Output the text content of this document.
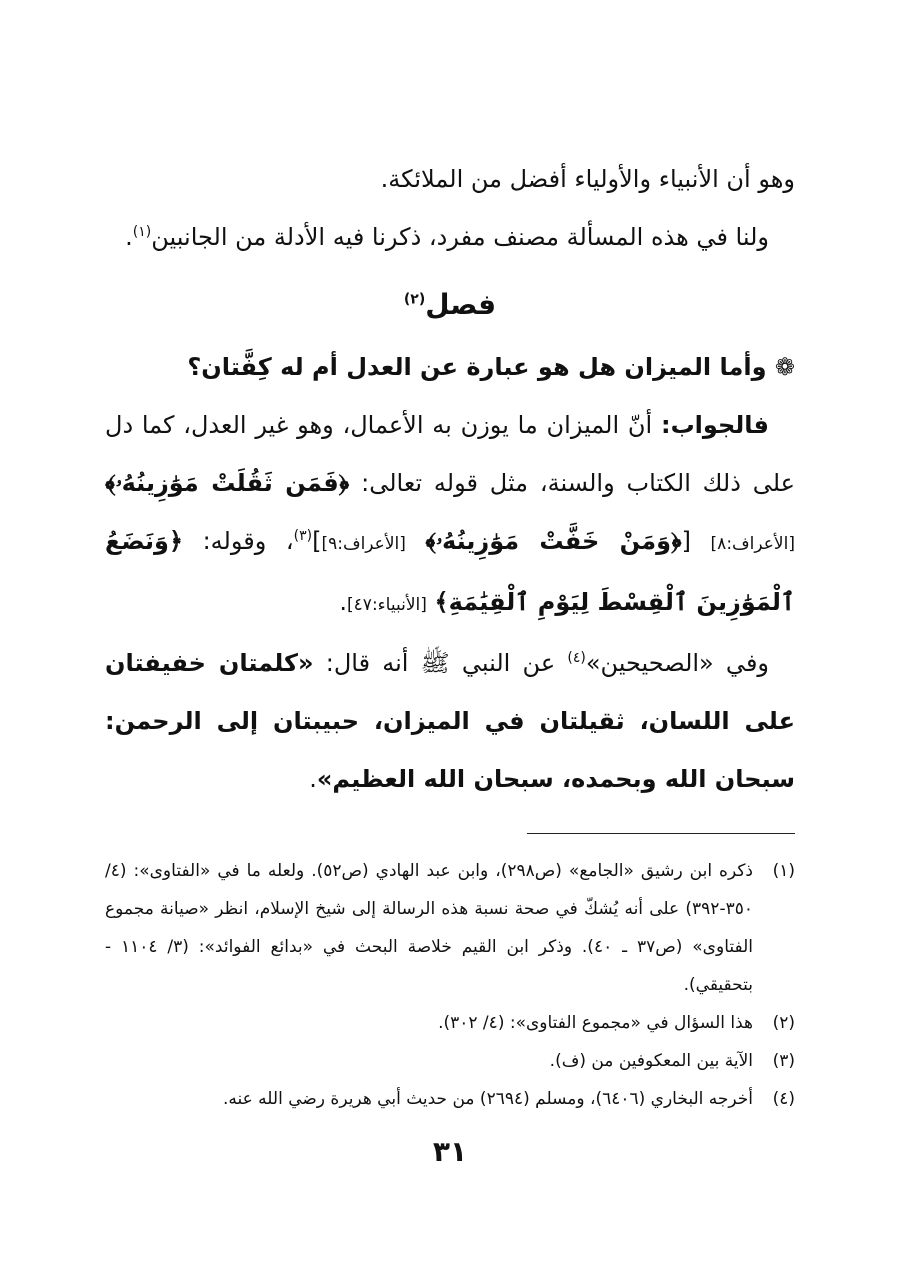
وهو أن الأنبياء والأولياء أفضل من الملائكة.

ولنا في هذه المسألة مصنف مفرد، ذكرنا فيه الأدلة من الجانبين$^{(١)}$.

فصل$^{(٢)}$

❁ وأما الميزان هل هو عبارة عن العدل أم له كِفَّتان؟

فالجواب: أنّ الميزان ما يوزن به الأعمال، وهو غير العدل، كما دل على ذلك الكتاب والسنة، مثل قوله تعالى: ﴿فَمَن ثَقُلَتْ مَوَٰزِينُهُۥ﴾ [الأعراف:٨] [﴿وَمَنْ خَفَّتْ مَوَٰزِينُهُۥ﴾ [الأعراف:٩]]$^{(٣)}$، وقوله: ﴿وَنَضَعُ ٱلْمَوَٰزِينَ ٱلْقِسْطَ لِيَوْمِ ٱلْقِيَٰمَةِ﴾ [الأنبياء:٤٧].

وفي «الصحيحين»$^{(٤)}$ عن النبي ﷺ أنه قال: «كلمتان خفيفتان على اللسان، ثقيلتان في الميزان، حبيبتان إلى الرحمن: سبحان الله وبحمده، سبحان الله العظيم».

(١)
ذكره ابن رشيق «الجامع» (ص٢٩٨)، وابن عبد الهادي (ص٥٢). ولعله ما في «الفتاوى»: (٤/ ٣٥٠-٣٩٢) على أنه يُشكّ في صحة نسبة هذه الرسالة إلى شيخ الإسلام، انظر «صيانة مجموع الفتاوى» (ص٣٧ ـ ٤٠). وذكر ابن القيم خلاصة البحث في «بدائع الفوائد»: (٣/ ١١٠٤ - بتحقيقي).
(٢)
هذا السؤال في «مجموع الفتاوى»: (٤/ ٣٠٢).
(٣)
الآية بين المعكوفين من (ف).
(٤)
أخرجه البخاري (٦٤٠٦)، ومسلم (٢٦٩٤) من حديث أبي هريرة رضي الله عنه.
٣١
